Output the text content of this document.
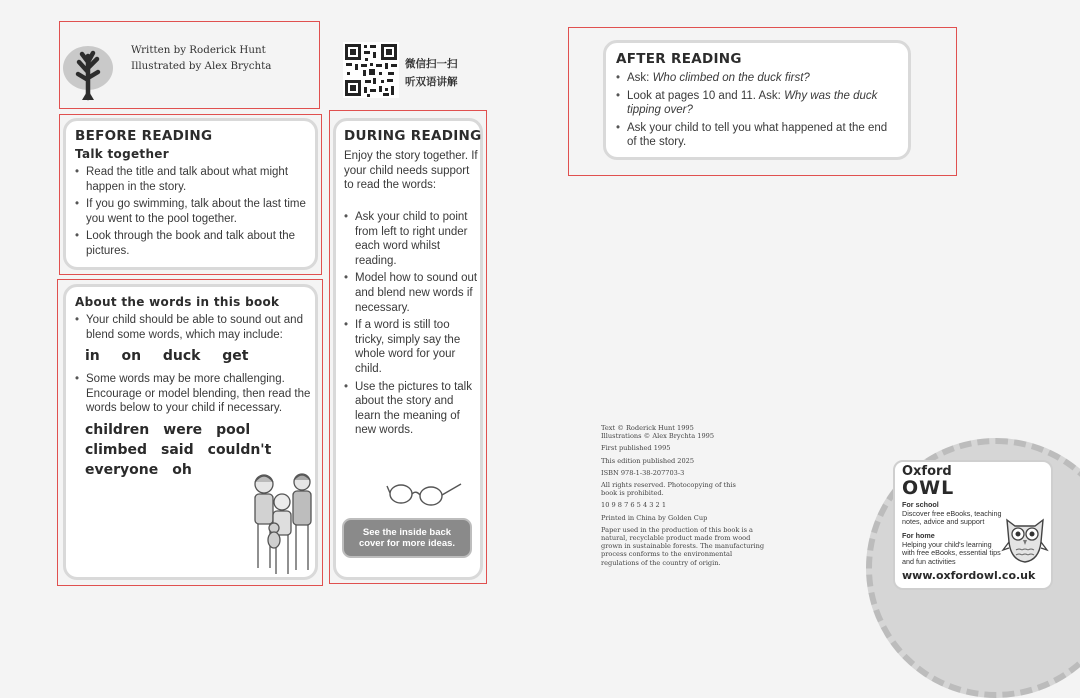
Written by Roderick Hunt
Illustrated by Alex Brychta	微信扫一扫
听双语讲解
BEFORE READING
Talk together
• Read the title and talk about what might happen in the story.
• If you go swimming, talk about the last time you went to the pool together.
• Look through the book and talk about the pictures.
About the words in this book
• Your child should be able to sound out and blend some words, which may include:
in on duck get
• Some words may be more challenging. Encourage or model blending, then read the words below to your child if necessary.
children were pool
climbed said couldn't
everyone oh
DURING READING
Enjoy the story together. If your child needs support to read the words:
• Ask your child to point from left to right under each word whilst reading.
• Model how to sound out and blend new words if necessary.
• If a word is still too tricky, simply say the whole word for your child.
• Use the pictures to talk about the story and learn the meaning of new words.
See the inside back cover for more ideas.
AFTER READING
• Ask: Who climbed on the duck first?
• Look at pages 10 and 11. Ask: Why was the duck tipping over?
• Ask your child to tell you what happened at the end of the story.
Text © Roderick Hunt 1995
Illustrations © Alex Brychta 1995
First published 1995
This edition published 2025
ISBN 978-1-38-207703-3
All rights reserved. Photocopying of this book is prohibited.
10 9 8 7 6 5 4 3 2 1
Printed in China by Golden Cup
Paper used in the production of this book is a natural, recyclable product made from wood grown in sustainable forests. The manufacturing process conforms to the environmental regulations of the country of origin.
Oxford
OWL
For school
Discover free eBooks, teaching notes, advice and support
For home
Helping your child's learning with free eBooks, essential tips and fun activities
www.oxfordowl.co.uk
